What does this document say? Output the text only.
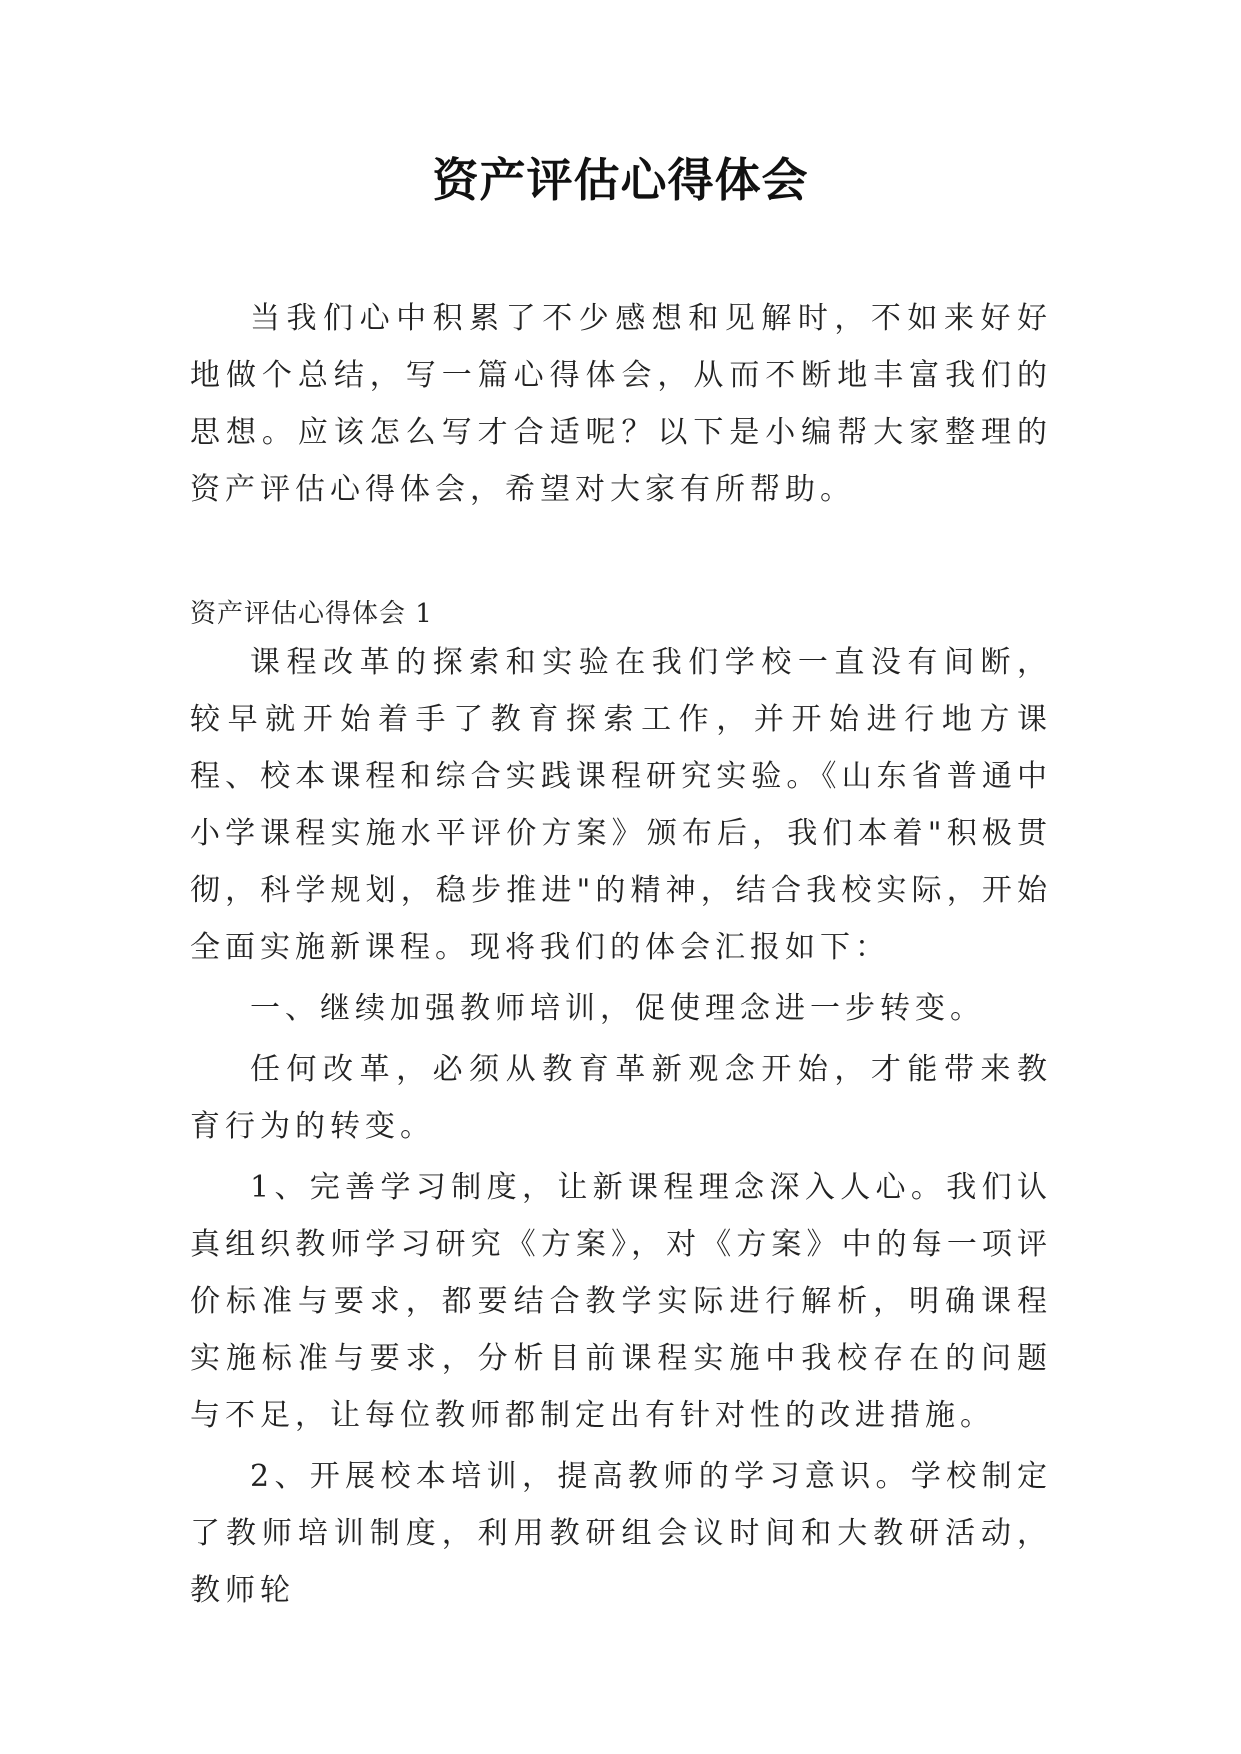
资产评估心得体会

当我们心中积累了不少感想和见解时，不如来好好地做个总结，写一篇心得体会，从而不断地丰富我们的思想。应该怎么写才合适呢？以下是小编帮大家整理的资产评估心得体会，希望对大家有所帮助。

资产评估心得体会 1

课程改革的探索和实验在我们学校一直没有间断，较早就开始着手了教育探索工作，并开始进行地方课程、校本课程和综合实践课程研究实验。《山东省普通中小学课程实施水平评价方案》颁布后，我们本着"积极贯彻，科学规划，稳步推进"的精神，结合我校实际，开始全面实施新课程。现将我们的体会汇报如下：

一、继续加强教师培训，促使理念进一步转变。

任何改革，必须从教育革新观念开始，才能带来教育行为的转变。

1、完善学习制度，让新课程理念深入人心。我们认真组织教师学习研究《方案》，对《方案》中的每一项评价标准与要求，都要结合教学实际进行解析，明确课程实施标准与要求，分析目前课程实施中我校存在的问题与不足，让每位教师都制定出有针对性的改进措施。

2、开展校本培训，提高教师的学习意识。学校制定了教师培训制度，利用教研组会议时间和大教研活动，教师轮
